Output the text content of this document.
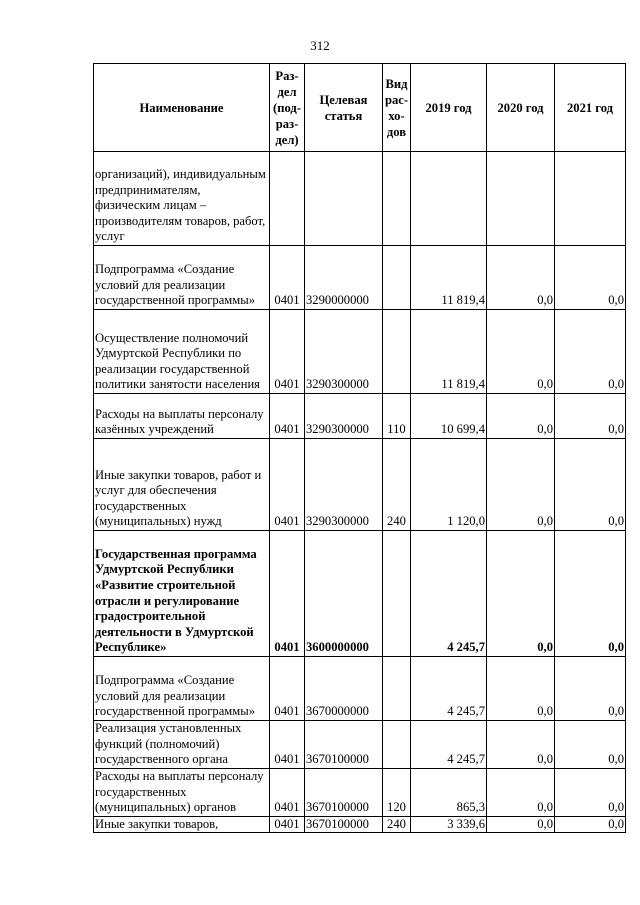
312
Наименование	Раз-
дел
(под-
раз-
дел)	Целевая
статья	Вид
рас-
хо-
дов	2019 год	2020 год	2021 год
организаций), индивидуальным предпринимателям, физическим лицам – производителям товаров, работ, услуг						
Подпрограмма «Создание условий для реализации государственной программы»	0401	3290000000		11 819,4	0,0	0,0
Осуществление полномочий Удмуртской Республики по реализации государственной политики занятости населения	0401	3290300000		11 819,4	0,0	0,0
Расходы на выплаты персоналу казённых учреждений	0401	3290300000	110	10 699,4	0,0	0,0
Иные закупки товаров, работ и услуг для обеспечения государственных (муниципальных) нужд	0401	3290300000	240	1 120,0	0,0	0,0
Государственная программа Удмуртской Республики «Развитие строительной отрасли и регулирование градостроительной деятельности в Удмуртской Республике»	0401	3600000000		4 245,7	0,0	0,0
Подпрограмма «Создание условий для реализации государственной программы»	0401	3670000000		4 245,7	0,0	0,0
Реализация установленных функций (полномочий) государственного органа	0401	3670100000		4 245,7	0,0	0,0
Расходы на выплаты персоналу государственных (муниципальных) органов	0401	3670100000	120	865,3	0,0	0,0
Иные закупки товаров,	0401	3670100000	240	3 339,6	0,0	0,0
